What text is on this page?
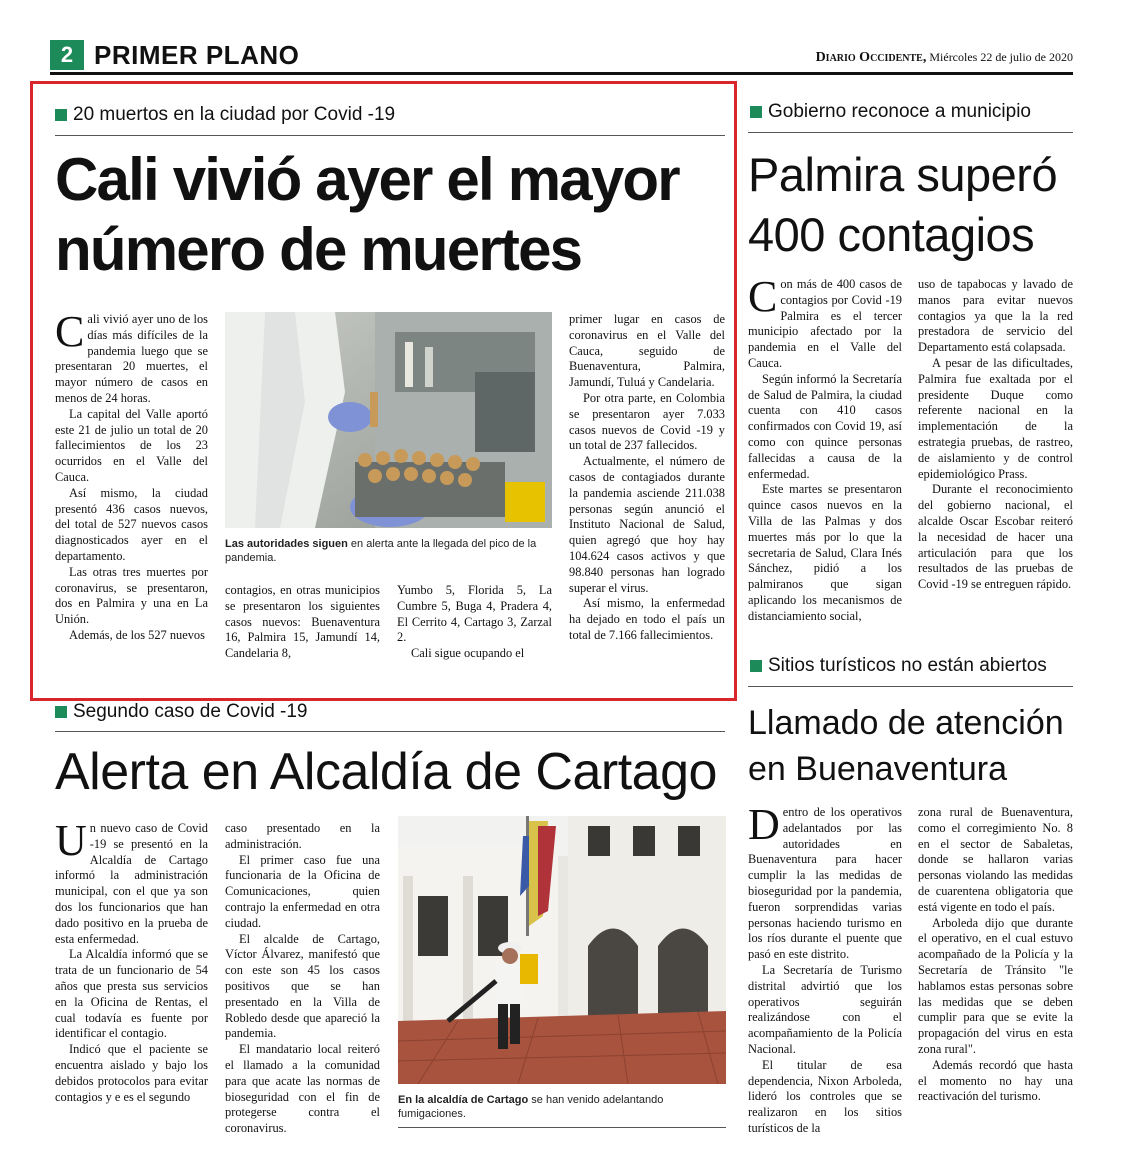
2 PRIMER PLANO	Diario Occidente, Miércoles 22 de julio de 2020
20 muertos en la ciudad por Covid -19
Cali vivió ayer el mayor número de muertes
C ali vivió ayer uno de los días más difíciles de la pandemia luego que se presentaran 20 muertes, el mayor número de casos en menos de 24 horas.

La capital del Valle aportó este 21 de julio un total de 20 fallecimientos de los 23 ocurridos en el Valle del Cauca.

Así mismo, la ciudad presentó 436 casos nuevos, del total de 527 nuevos casos diagnosticados ayer en el departamento.

Las otras tres muertes por coronavirus, se presentaron, dos en Palmira y una en La Unión.

Además, de los 527 nuevos

Las autoridades siguen en alerta ante la llegada del pico de la pandemia.

contagios, en otras municipios se presentaron los siguientes casos nuevos: Buenaventura 16, Palmira 15, Jamundí 14, Candelaria 8,

Yumbo 5, Florida 5, La Cumbre 5, Buga 4, Pradera 4, El Cerrito 4, Cartago 3, Zarzal 2.

Cali sigue ocupando el

primer lugar en casos de coronavirus en el Valle del Cauca, seguido de Buenaventura, Palmira, Jamundí, Tuluá y Candelaria.

Por otra parte, en Colombia se presentaron ayer 7.033 casos nuevos de Covid -19 y un total de 237 fallecidos.

Actualmente, el número de casos de contagiados durante la pandemia asciende 211.038 personas según anunció el Instituto Nacional de Salud, quien agregó que hoy hay 104.624 casos activos y que 98.840 personas han logrado superar el virus.

Así mismo, la enfermedad ha dejado en todo el país un total de 7.166 fallecimientos.

Gobierno reconoce a municipio
Palmira superó 400 contagios
C on más de 400 casos de contagios por Covid -19 Palmira es el tercer municipio afectado por la pandemia en el Valle del Cauca.

Según informó la Secretaría de Salud de Palmira, la ciudad cuenta con 410 casos confirmados con Covid 19, así como con quince personas fallecidas a causa de la enfermedad.

Este martes se presentaron quince casos nuevos en la Villa de las Palmas y dos muertes más por lo que la secretaria de Salud, Clara Inés Sánchez, pidió a los palmiranos que sigan aplicando los mecanismos de distanciamiento social,

uso de tapabocas y lavado de manos para evitar nuevos contagios ya que la la red prestadora de servicio del Departamento está colapsada.

A pesar de las dificultades, Palmira fue exaltada por el presidente Duque como referente nacional en la implementación de la estrategia pruebas, de rastreo, de aislamiento y de control epidemiológico Prass.

Durante el reconocimiento del gobierno nacional, el alcalde Oscar Escobar reiteró la necesidad de hacer una articulación para que los resultados de las pruebas de Covid -19 se entreguen rápido.

Segundo caso de Covid -19
Alerta en Alcaldía de Cartago
U n nuevo caso de Covid -19 se presentó en la Alcaldía de Cartago informó la administración municipal, con el que ya son dos los funcionarios que han dado positivo en la prueba de esta enfermedad.

La Alcaldía informó que se trata de un funcionario de 54 años que presta sus servicios en la Oficina de Rentas, el cual todavía es fuente por identificar el contagio.

Indicó que el paciente se encuentra aislado y bajo los debidos protocolos para evitar contagios y e es el segundo

caso presentado en la administración.

El primer caso fue una funcionaria de la Oficina de Comunicaciones, quien contrajo la enfermedad en otra ciudad.

El alcalde de Cartago, Víctor Álvarez, manifestó que con este son 45 los casos positivos que se han presentado en la Villa de Robledo desde que apareció la pandemia.

El mandatario local reiteró el llamado a la comunidad para que acate las normas de bioseguridad con el fin de protegerse contra el coronavirus.

En la alcaldía de Cartago se han venido adelantando fumigaciones.
Sitios turísticos no están abiertos
Llamado de atención en Buenaventura
D entro de los operativos adelantados por las autoridades en Buenaventura para hacer cumplir la las medidas de bioseguridad por la pandemia, fueron sorprendidas varias personas haciendo turismo en los ríos durante el puente que pasó en este distrito.

La Secretaría de Turismo distrital advirtió que los operativos seguirán realizándose con el acompañamiento de la Policía Nacional.

El titular de esa dependencia, Nixon Arboleda, lideró los controles que se realizaron en los sitios turísticos de la

zona rural de Buenaventura, como el corregimiento No. 8 en el sector de Sabaletas, donde se hallaron varias personas violando las medidas de cuarentena obligatoria que está vigente en todo el país.

Arboleda dijo que durante el operativo, en el cual estuvo acompañado de la Policía y la Secretaría de Tránsito "le hablamos estas personas sobre las medidas que se deben cumplir para que se evite la propagación del virus en esta zona rural".

Además recordó que hasta el momento no hay una reactivación del turismo.
